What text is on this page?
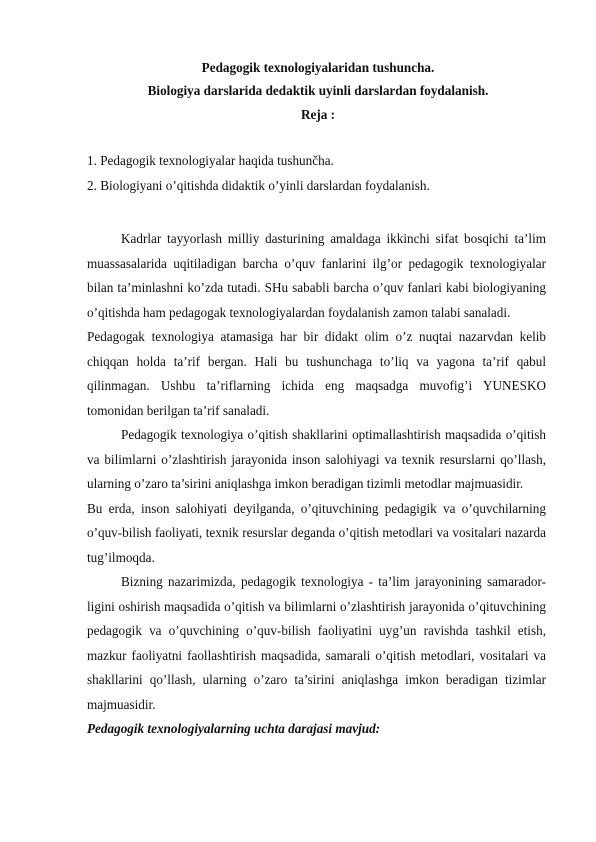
Pedagogik texnologiyalaridan tushuncha.
Biologiya darslarida dedaktik uyinli darslardan foydalanish.
Reja :
1. Pedagogik texnologiyalar haqida tushunčha.
2. Biologiyani o’qitishda didaktik o’yinli darslardan foydalanish.

Kadrlar tayyorlash milliy dasturining amaldaga ikkinchi sifat bosqichi ta’lim muassasalarida uqitiladigan barcha o’quv fanlarini ilg’or pedagogik texnologiyalar bilan ta’minlashni ko’zda tutadi. SHu sababli barcha o’quv fanlari kabi biologiyaning o’qitishda ham pedagogak texnologiyalardan foydalanish zamon talabi sanaladi.

Pedagogak texnologiya atamasiga har bir didakt olim o’z nuqtai nazarvdan kelib chiqqan holda ta’rif bergan. Hali bu tushunchaga to’liq va yagona ta’rif qabul qilinmagan. Ushbu ta’riflarning ichida eng maqsadga muvofig’i YUNESKO tomonidan berilgan ta’rif sanaladi.

Pedagogik texnologiya o’qitish shakllarini optimallashtirish maqsadida o’qitish va bilimlarni o’zlashtirish jarayonida inson salohiyagi va texnik resurslarni qo’llash, ularning o’zaro ta’sirini aniqlashga imkon beradigan tizimli metodlar majmuasidir.

Bu erda, inson salohiyati deyilganda, o’qituvchining pedagigik va o’quvchilarning o’quv-bilish faoliyati, texnik resurslar deganda o’qitish metodlari va vositalari nazarda tug’ilmoqda.

Bizning nazarimizda, pedagogik texnologiya - ta’lim jarayonining samarador-ligini oshirish maqsadida o’qitish va bilimlarni o’zlashtirish jarayonida o’qituvchining pedagogik va o’quvchining o’quv-bilish faoliyatini uyg’un ravishda tashkil etish, mazkur faoliyatni faollashtirish maqsadida, samarali o’qitish metodlari, vositalari va shakllarini qo’llash, ularning o’zaro ta’sirini aniqlashga imkon beradigan tizimlar majmuasidir.

Pedagogik texnologiyalarning uchta darajasi mavjud:
